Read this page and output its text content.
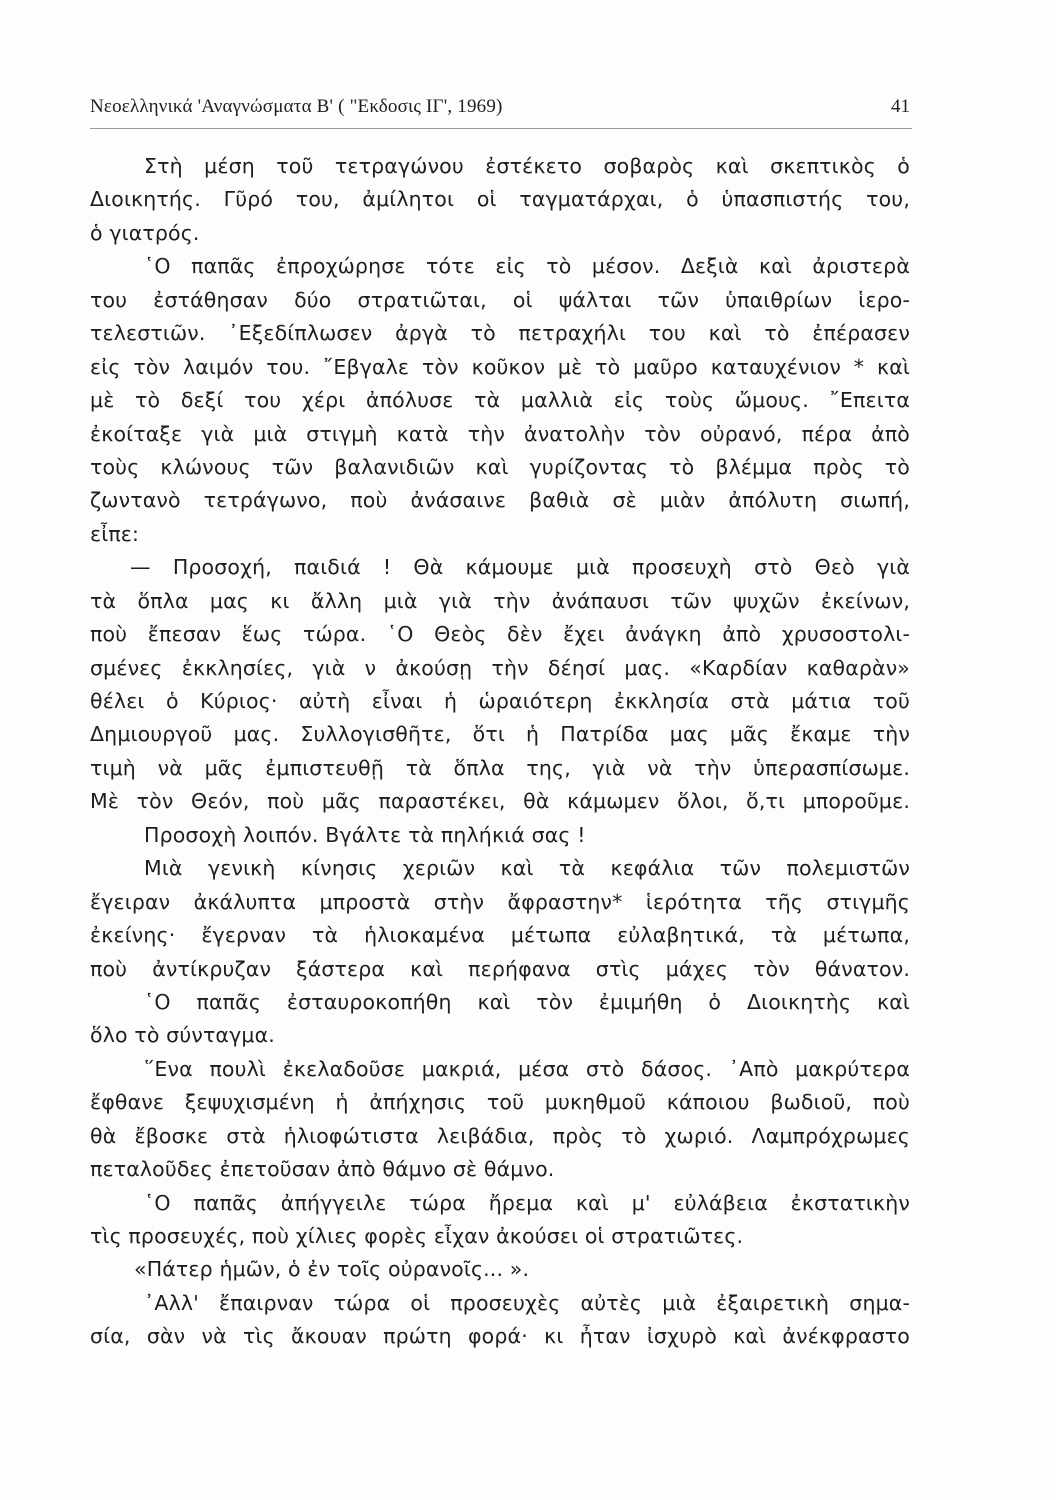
Νεοελληνικά 'Αναγνώσματα Β' ( "Εκδοσις ΙΓ', 1969)	41
Στὴ μέση τοῦ τετραγώνου ἐστέκετο σοβαρὸς καὶ σκεπτικὸς ὁ
Διοικητής. Γῦρό του, ἀμίλητοι οἱ ταγματάρχαι, ὁ ὑπασπιστής του,
ὁ γιατρός.
῾Ο παπᾶς ἐπροχώρησε τότε εἰς τὸ μέσον. Δεξιὰ καὶ ἀριστερὰ
του ἐστάθησαν δύο στρατιῶται, οἱ ψάλται τῶν ὑπαιθρίων ἱερο-
τελεστιῶν. ᾿Εξεδίπλωσεν ἀργὰ τὸ πετραχήλι του καὶ τὸ ἐπέρασεν
εἰς τὸν λαιμόν του. ῎Εβγαλε τὸν κοῦκον μὲ τὸ μαῦρο καταυχένιον * καὶ
μὲ τὸ δεξί του χέρι ἀπόλυσε τὰ μαλλιὰ εἰς τοὺς ὤμους. ῎Επειτα
ἐκοίταξε γιὰ μιὰ στιγμὴ κατὰ τὴν ἀνατολὴν τὸν οὐρανό, πέρα ἀπὸ
τοὺς κλώνους τῶν βαλανιδιῶν καὶ γυρίζοντας τὸ βλέμμα πρὸς τὸ
ζωντανὸ τετράγωνο, ποὺ ἀνάσαινε βαθιὰ σὲ μιὰν ἀπόλυτη σιωπή,
εἶπε:
— Προσοχή, παιδιά ! Θὰ κάμουμε μιὰ προσευχὴ στὸ Θεὸ γιὰ
τὰ ὅπλα μας κι ἄλλη μιὰ γιὰ τὴν ἀνάπαυσι τῶν ψυχῶν ἐκείνων,
ποὺ ἔπεσαν ἕως τώρα. ῾Ο Θεὸς δὲν ἔχει ἀνάγκη ἀπὸ χρυσοστολι-
σμένες ἐκκλησίες, γιὰ ν ἀκούσῃ τὴν δέησί μας. «Καρδίαν καθαρὰν»
θέλει ὁ Κύριος· αὐτὴ εἶναι ἡ ὡραιότερη ἐκκλησία στὰ μάτια τοῦ
Δημιουργοῦ μας. Συλλογισθῆτε, ὅτι ἡ Πατρίδα μας μᾶς ἔκαμε τὴν
τιμὴ νὰ μᾶς ἐμπιστευθῇ τὰ ὅπλα της, γιὰ νὰ τὴν ὑπερασπίσωμε.
Μὲ τὸν Θεόν, ποὺ μᾶς παραστέκει, θὰ κάμωμεν ὅλοι, ὅ,τι μποροῦμε.
Προσοχὴ λοιπόν. Βγάλτε τὰ πηλήκιά σας !
Μιὰ γενικὴ κίνησις χεριῶν καὶ τὰ κεφάλια τῶν πολεμιστῶν
ἔγειραν ἀκάλυπτα μπροστὰ στὴν ἄφραστην* ἱερότητα τῆς στιγμῆς
ἐκείνης· ἔγερναν τὰ ἡλιοκαμένα μέτωπα εὐλαβητικά, τὰ μέτωπα,
ποὺ ἀντίκρυζαν ξάστερα καὶ περήφανα στὶς μάχες τὸν θάνατον.
῾Ο παπᾶς ἐσταυροκοπήθη καὶ τὸν ἐμιμήθη ὁ Διοικητὴς καὶ
ὅλο τὸ σύνταγμα.
῞Ενα πουλὶ ἐκελαδοῦσε μακριά, μέσα στὸ δάσος. ᾿Απὸ μακρύτερα
ἔφθανε ξεψυχισμένη ἡ ἀπήχησις τοῦ μυκηθμοῦ κάποιου βωδιοῦ, ποὺ
θὰ ἔβοσκε στὰ ἡλιοφώτιστα λειβάδια, πρὸς τὸ χωριό. Λαμπρόχρωμες
πεταλοῦδες ἐπετοῦσαν ἀπὸ θάμνο σὲ θάμνο.
῾Ο παπᾶς ἀπήγγειλε τώρα ἤρεμα καὶ μ' εὐλάβεια ἐκστατικὴν
τὶς προσευχές, ποὺ χίλιες φορὲς εἶχαν ἀκούσει οἱ στρατιῶτες.
«Πάτερ ἡμῶν, ὁ ἐν τοῖς οὐρανοῖς... ».
᾿Αλλ' ἔπαιρναν τώρα οἱ προσευχὲς αὐτὲς μιὰ ἐξαιρετικὴ σημα-
σία, σὰν νὰ τὶς ἄκουαν πρώτη φορά· κι ἦταν ἰσχυρὸ καὶ ἀνέκφραστο
